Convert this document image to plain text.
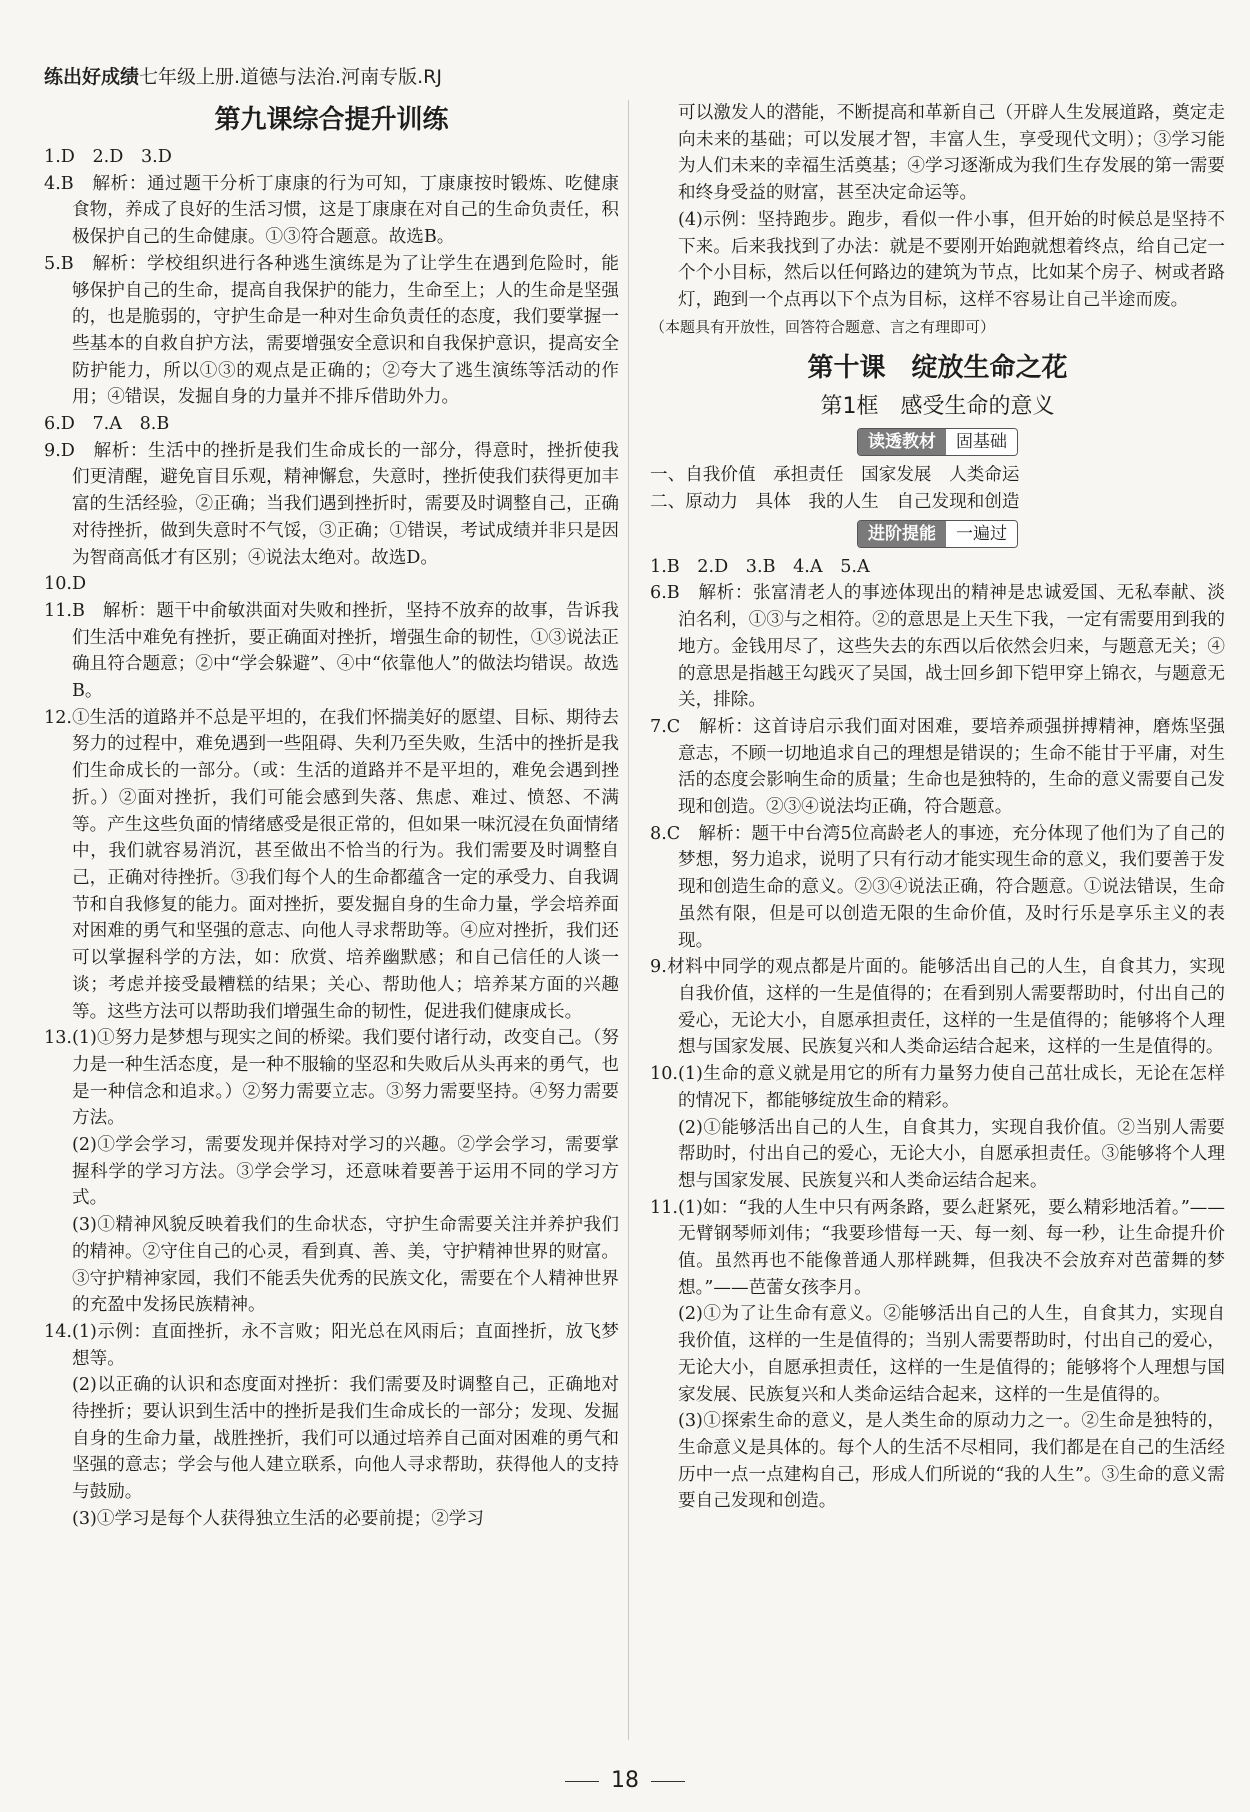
练出好成绩七年级上册.道德与法治.河南专版.RJ
第九课综合提升训练

1.D　2.D　3.D

4.B　解析：通过题干分析丁康康的行为可知，丁康康按时锻炼、吃健康食物，养成了良好的生活习惯，这是丁康康在对自己的生命负责任，积极保护自己的生命健康。①③符合题意。故选B。

5.B　解析：学校组织进行各种逃生演练是为了让学生在遇到危险时，能够保护自己的生命，提高自我保护的能力，生命至上；人的生命是坚强的，也是脆弱的，守护生命是一种对生命负责任的态度，我们要掌握一些基本的自救自护方法，需要增强安全意识和自我保护意识，提高安全防护能力，所以①③的观点是正确的；②夸大了逃生演练等活动的作用；④错误，发掘自身的力量并不排斥借助外力。

6.D　7.A　8.B

9.D　解析：生活中的挫折是我们生命成长的一部分，得意时，挫折使我们更清醒，避免盲目乐观，精神懈怠，失意时，挫折使我们获得更加丰富的生活经验，②正确；当我们遇到挫折时，需要及时调整自己，正确对待挫折，做到失意时不气馁，③正确；①错误，考试成绩并非只是因为智商高低才有区别；④说法太绝对。故选D。

10.D

11.B　解析：题干中俞敏洪面对失败和挫折，坚持不放弃的故事，告诉我们生活中难免有挫折，要正确面对挫折，增强生命的韧性，①③说法正确且符合题意；②中“学会躲避”、④中“依靠他人”的做法均错误。故选B。

12.①生活的道路并不总是平坦的，在我们怀揣美好的愿望、目标、期待去努力的过程中，难免遇到一些阻碍、失利乃至失败，生活中的挫折是我们生命成长的一部分。（或：生活的道路并不是平坦的，难免会遇到挫折。）②面对挫折，我们可能会感到失落、焦虑、难过、愤怒、不满等。产生这些负面的情绪感受是很正常的，但如果一味沉浸在负面情绪中，我们就容易消沉，甚至做出不恰当的行为。我们需要及时调整自己，正确对待挫折。③我们每个人的生命都蕴含一定的承受力、自我调节和自我修复的能力。面对挫折，要发掘自身的生命力量，学会培养面对困难的勇气和坚强的意志、向他人寻求帮助等。④应对挫折，我们还可以掌握科学的方法，如：欣赏、培养幽默感；和自己信任的人谈一谈；考虑并接受最糟糕的结果；关心、帮助他人；培养某方面的兴趣等。这些方法可以帮助我们增强生命的韧性，促进我们健康成长。

13.(1)①努力是梦想与现实之间的桥梁。我们要付诸行动，改变自己。（努力是一种生活态度，是一种不服输的坚忍和失败后从头再来的勇气，也是一种信念和追求。）②努力需要立志。③努力需要坚持。④努力需要方法。

(2)①学会学习，需要发现并保持对学习的兴趣。②学会学习，需要掌握科学的学习方法。③学会学习，还意味着要善于运用不同的学习方式。

(3)①精神风貌反映着我们的生命状态，守护生命需要关注并养护我们的精神。②守住自己的心灵，看到真、善、美，守护精神世界的财富。③守护精神家园，我们不能丢失优秀的民族文化，需要在个人精神世界的充盈中发扬民族精神。

14.(1)示例：直面挫折，永不言败；阳光总在风雨后；直面挫折，放飞梦想等。

(2)以正确的认识和态度面对挫折：我们需要及时调整自己，正确地对待挫折；要认识到生活中的挫折是我们生命成长的一部分；发现、发掘自身的生命力量，战胜挫折，我们可以通过培养自己面对困难的勇气和坚强的意志；学会与他人建立联系，向他人寻求帮助，获得他人的支持与鼓励。

(3)①学习是每个人获得独立生活的必要前提；②学习

可以激发人的潜能，不断提高和革新自己（开辟人生发展道路，奠定走向未来的基础；可以发展才智，丰富人生，享受现代文明）；③学习能为人们未来的幸福生活奠基；④学习逐渐成为我们生存发展的第一需要和终身受益的财富，甚至决定命运等。

(4)示例：坚持跑步。跑步，看似一件小事，但开始的时候总是坚持不下来。后来我找到了办法：就是不要刚开始跑就想着终点，给自己定一个个小目标，然后以任何路边的建筑为节点，比如某个房子、树或者路灯，跑到一个点再以下个点为目标，这样不容易让自己半途而废。

（本题具有开放性，回答符合题意、言之有理即可）

第十课　绽放生命之花
第1框　感受生命的意义
读透教材 固基础

一、自我价值　承担责任　国家发展　人类命运

二、原动力　具体　我的人生　自己发现和创造

进阶提能 一遍过

1.B　2.D　3.B　4.A　5.A

6.B　解析：张富清老人的事迹体现出的精神是忠诚爱国、无私奉献、淡泊名利，①③与之相符。②的意思是上天生下我，一定有需要用到我的地方。金钱用尽了，这些失去的东西以后依然会归来，与题意无关；④的意思是指越王勾践灭了吴国，战士回乡卸下铠甲穿上锦衣，与题意无关，排除。

7.C　解析：这首诗启示我们面对困难，要培养顽强拼搏精神，磨炼坚强意志，不顾一切地追求自己的理想是错误的；生命不能甘于平庸，对生活的态度会影响生命的质量；生命也是独特的，生命的意义需要自己发现和创造。②③④说法均正确，符合题意。

8.C　解析：题干中台湾5位高龄老人的事迹，充分体现了他们为了自己的梦想，努力追求，说明了只有行动才能实现生命的意义，我们要善于发现和创造生命的意义。②③④说法正确，符合题意。①说法错误，生命虽然有限，但是可以创造无限的生命价值，及时行乐是享乐主义的表现。

9.材料中同学的观点都是片面的。能够活出自己的人生，自食其力，实现自我价值，这样的一生是值得的；在看到别人需要帮助时，付出自己的爱心，无论大小，自愿承担责任，这样的一生是值得的；能够将个人理想与国家发展、民族复兴和人类命运结合起来，这样的一生是值得的。

10.(1)生命的意义就是用它的所有力量努力使自己茁壮成长，无论在怎样的情况下，都能够绽放生命的精彩。

(2)①能够活出自己的人生，自食其力，实现自我价值。②当别人需要帮助时，付出自己的爱心，无论大小，自愿承担责任。③能够将个人理想与国家发展、民族复兴和人类命运结合起来。

11.(1)如：“我的人生中只有两条路，要么赶紧死，要么精彩地活着。”——无臂钢琴师刘伟；“我要珍惜每一天、每一刻、每一秒，让生命提升价值。虽然再也不能像普通人那样跳舞，但我决不会放弃对芭蕾舞的梦想。”——芭蕾女孩李月。

(2)①为了让生命有意义。②能够活出自己的人生，自食其力，实现自我价值，这样的一生是值得的；当别人需要帮助时，付出自己的爱心，无论大小，自愿承担责任，这样的一生是值得的；能够将个人理想与国家发展、民族复兴和人类命运结合起来，这样的一生是值得的。

(3)①探索生命的意义，是人类生命的原动力之一。②生命是独特的，生命意义是具体的。每个人的生活不尽相同，我们都是在自己的生活经历中一点一点建构自己，形成人们所说的“我的人生”。③生命的意义需要自己发现和创造。

18
